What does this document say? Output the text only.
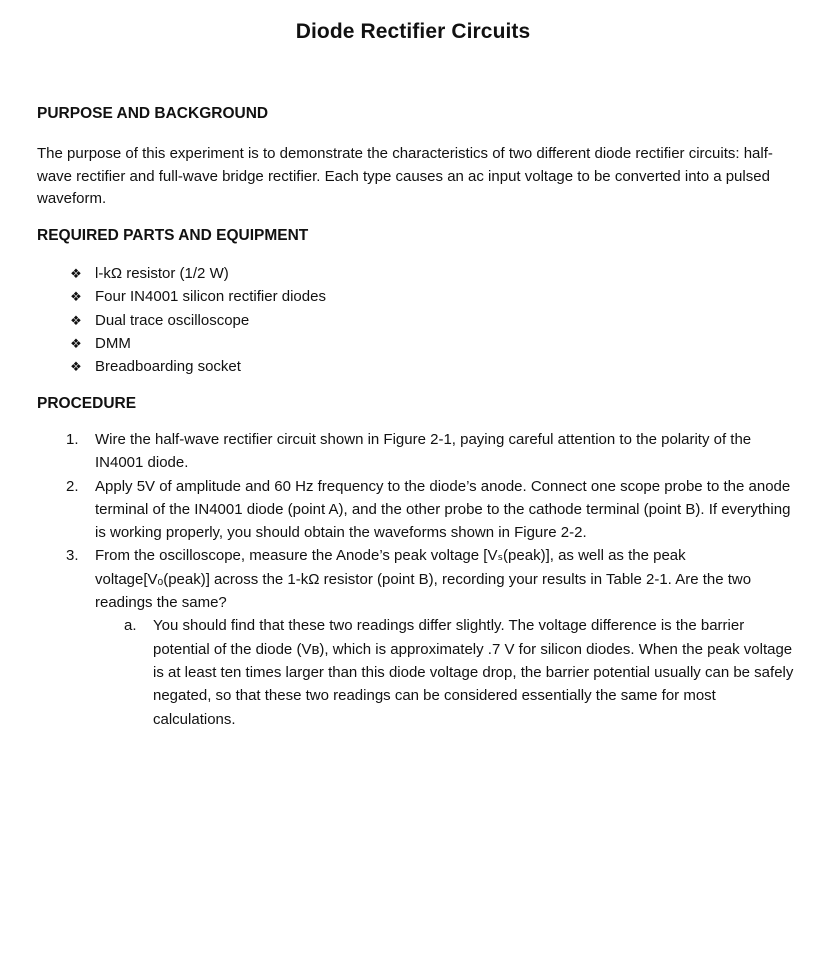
Diode Rectifier Circuits
PURPOSE AND BACKGROUND

The purpose of this experiment is to demonstrate the characteristics of two different diode rectifier circuits: half-wave rectifier and full-wave bridge rectifier. Each type causes an ac input voltage to be converted into a pulsed waveform.

REQUIRED PARTS AND EQUIPMENT
❖ l-kΩ resistor (1/2 W)
❖ Four IN4001 silicon rectifier diodes
❖ Dual trace oscilloscope
❖ DMM
❖ Breadboarding socket
PROCEDURE
1. Wire the half-wave rectifier circuit shown in Figure 2-1, paying careful attention to the polarity of the IN4001 diode.
2. Apply 5V of amplitude and 60 Hz frequency to the diode’s anode. Connect one scope probe to the anode terminal of the IN4001 diode (point A), and the other probe to the cathode terminal (point B). If everything is working properly, you should obtain the waveforms shown in Figure 2-2.
3. From the oscilloscope, measure the Anode’s peak voltage [Vₛ(peak)], as well as the peak voltage[Vₒ(peak)] across the 1-kΩ resistor (point B), recording your results in Table 2-1. Are the two readings the same?
a. You should find that these two readings differ slightly. The voltage difference is the barrier potential of the diode (Vʙ), which is approximately .7 V for silicon diodes. When the peak voltage is at least ten times larger than this diode voltage drop, the barrier potential usually can be safely negated, so that these two readings can be considered essentially the same for most calculations.
